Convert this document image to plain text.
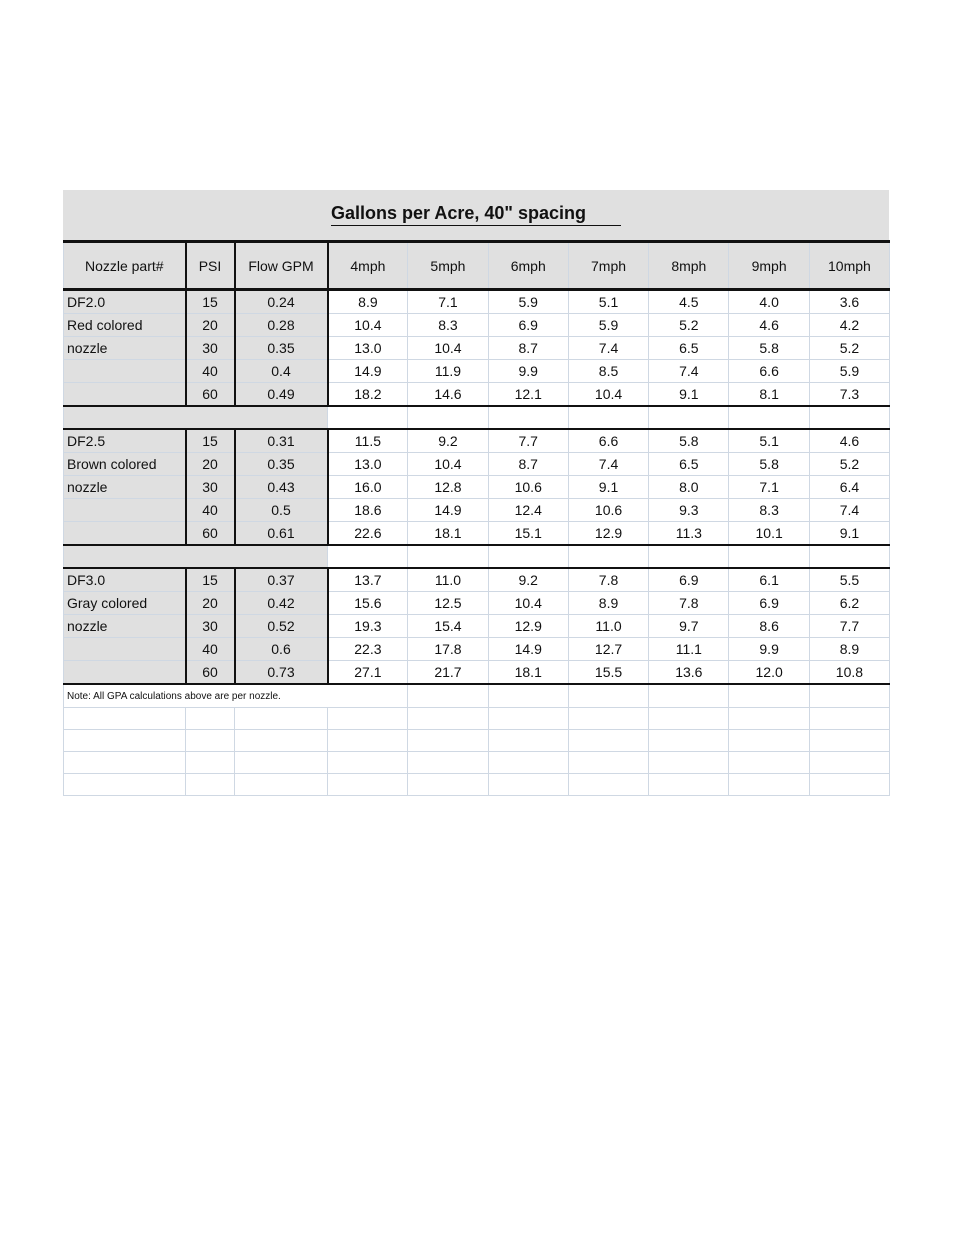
Gallons per Acre, 40" spacing
Nozzle part#	PSI	Flow GPM	4mph	5mph	6mph	7mph	8mph	9mph	10mph
DF2.0	15	0.24	8.9	7.1	5.9	5.1	4.5	4.0	3.6
Red colored	20	0.28	10.4	8.3	6.9	5.9	5.2	4.6	4.2
nozzle	30	0.35	13.0	10.4	8.7	7.4	6.5	5.8	5.2
	40	0.4	14.9	11.9	9.9	8.5	7.4	6.6	5.9
	60	0.49	18.2	14.6	12.1	10.4	9.1	8.1	7.3

DF2.5	15	0.31	11.5	9.2	7.7	6.6	5.8	5.1	4.6
Brown colored	20	0.35	13.0	10.4	8.7	7.4	6.5	5.8	5.2
nozzle	30	0.43	16.0	12.8	10.6	9.1	8.0	7.1	6.4
	40	0.5	18.6	14.9	12.4	10.6	9.3	8.3	7.4
	60	0.61	22.6	18.1	15.1	12.9	11.3	10.1	9.1

DF3.0	15	0.37	13.7	11.0	9.2	7.8	6.9	6.1	5.5
Gray colored	20	0.42	15.6	12.5	10.4	8.9	7.8	6.9	6.2
nozzle	30	0.52	19.3	15.4	12.9	11.0	9.7	8.6	7.7
	40	0.6	22.3	17.8	14.9	12.7	11.1	9.9	8.9
	60	0.73	27.1	21.7	18.1	15.5	13.6	12.0	10.8
Note: All GPA calculations above are per nozzle.									
